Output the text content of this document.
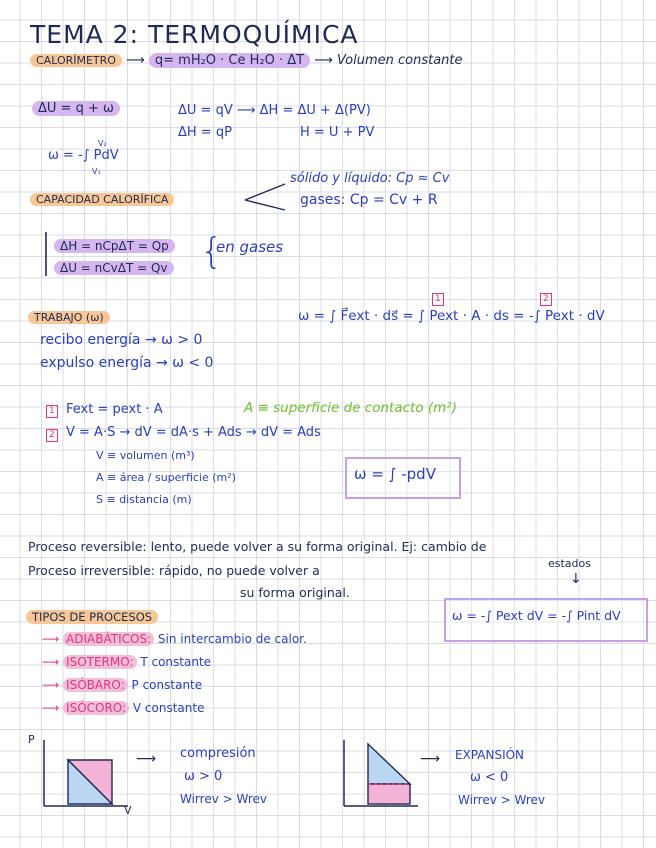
TEMA 2: TERMOQUÍMICA
CALORÍMETRO ⟶ q= mH₂O · Ce H₂O · ΔT ⟶ Volumen constante
ΔU = q + ω	ΔU = qV ⟶ ΔH = ΔU + Δ(PV)
ΔH = qP	H = U + PV
ω = -∫ PdV
V₂
V₁
CAPACIDAD CALORÍFICA
sólido y líquido: Cp ≈ Cv
gases: Cp = Cv + R
ΔH = nCpΔT = Qp
ΔU = nCvΔT = Qv {
en gases
TRABAJO (ω)
recibo energía → ω > 0
expulso energía → ω < 0
ω = ∫ F⃗ext · ds⃗ = ∫ Pext · A · ds = -∫ Pext · dV
1	2
1 Fext = pext · A	A ≡ superficie de contacto (m²)
2 V = A·S → dV = dA·s + Ads → dV = Ads
V ≡ volumen (m³)
A ≡ área / superficie (m²)
S ≡ distancia (m)
ω = ∫ -pdV
Proceso reversible: lento, puede volver a su forma original. Ej: cambio de
estados
↓
Proceso irreversible: rápido, no puede volver a
su forma original.
ω = -∫ Pext dV = -∫ Pint dV
TIPOS DE PROCESOS
⟶ ADIABÁTICOS: Sin intercambio de calor.
⟶ ISOTERMO: T constante
⟶ ISÓBARO: P constante
⟶ ISÓCORO: V constante
P
V
⟶ compresión
ω > 0
Wirrev > Wrev
⟶ EXPANSIÓN
ω < 0
Wirrev > Wrev
